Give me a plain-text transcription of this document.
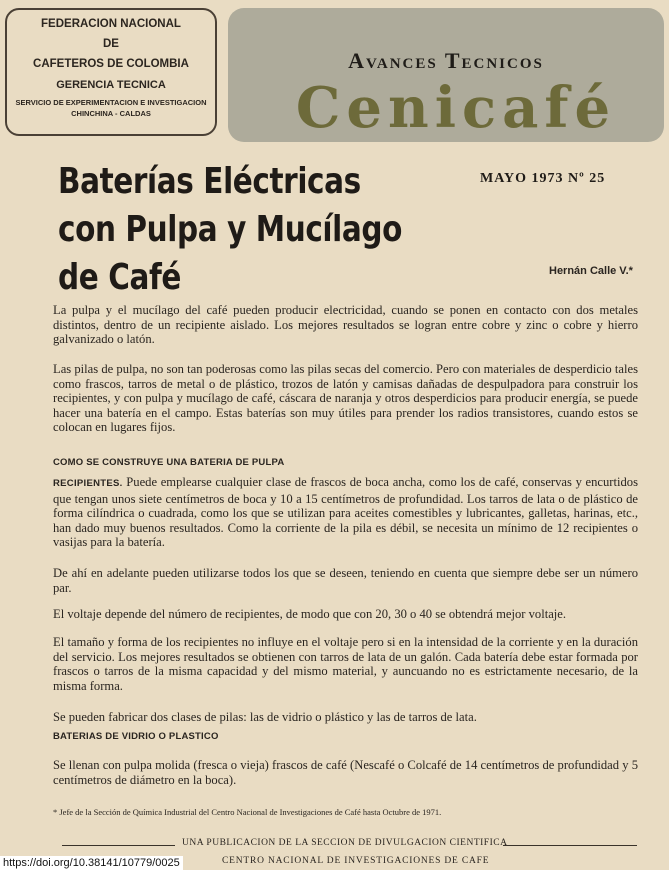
FEDERACION NACIONAL
DE
CAFETEROS DE COLOMBIA
GERENCIA TECNICA
SERVICIO DE EXPERIMENTACION E INVESTIGACION
CHINCHINA - CALDAS
Avances Tecnicos
Cenicafé
Baterías Eléctricas
con Pulpa y Mucílago de Café
MAYO 1973 Nº 25
Hernán Calle V.*
La pulpa y el mucílago del café pueden producir electricidad, cuando se ponen en contacto con dos metales distintos, dentro de un recipiente aislado. Los mejores resultados se logran entre cobre y zinc o cobre y hierro galvanizado o latón.
Las pilas de pulpa, no son tan poderosas como las pilas secas del comercio. Pero con materiales de desperdicio tales como frascos, tarros de metal o de plástico, trozos de latón y camisas dañadas de despulpadora para construir los recipientes, y con pulpa y mucílago de café, cáscara de naranja y otros desperdicios para producir energía, se puede hacer una batería en el campo. Estas baterías son muy útiles para prender los radios transistores, cuando estos se colocan en lugares fijos.
COMO SE CONSTRUYE UNA BATERIA DE PULPA
RECIPIENTES. Puede emplearse cualquier clase de frascos de boca ancha, como los de café, conservas y encurtidos que tengan unos siete centímetros de boca y 10 a 15 centímetros de profundidad. Los tarros de lata o de plástico de forma cilíndrica o cuadrada, como los que se utilizan para aceites comestibles y lubricantes, galletas, harinas, etc., han dado muy buenos resultados. Como la corriente de la pila es débil, se necesita un mínimo de 12 recipientes o vasijas para la batería.
De ahí en adelante pueden utilizarse todos los que se deseen, teniendo en cuenta que siempre debe ser un número par.
El voltaje depende del número de recipientes, de modo que con 20, 30 o 40 se obtendrá mejor voltaje.
El tamaño y forma de los recipientes no influye en el voltaje pero si en la intensidad de la corriente y en la duración del servicio. Los mejores resultados se obtienen con tarros de lata de un galón. Cada batería debe estar formada por frascos o tarros de la misma capacidad y del mismo material, y auncuando no es estrictamente necesario, de la misma forma.
Se pueden fabricar dos clases de pilas: las de vidrio o plástico y las de tarros de lata.
BATERIAS DE VIDRIO O PLASTICO
Se llenan con pulpa molida (fresca o vieja) frascos de café (Nescafé o Colcafé de 14 centímetros de profundidad y 5 centímetros de diámetro en la boca).
* Jefe de la Sección de Química Industrial del Centro Nacional de Investigaciones de Café hasta Octubre de 1971.
UNA PUBLICACION DE LA SECCION DE DIVULGACION CIENTIFICA
CENTRO NACIONAL DE INVESTIGACIONES DE CAFE
https://doi.org/10.38141/10779/0025
